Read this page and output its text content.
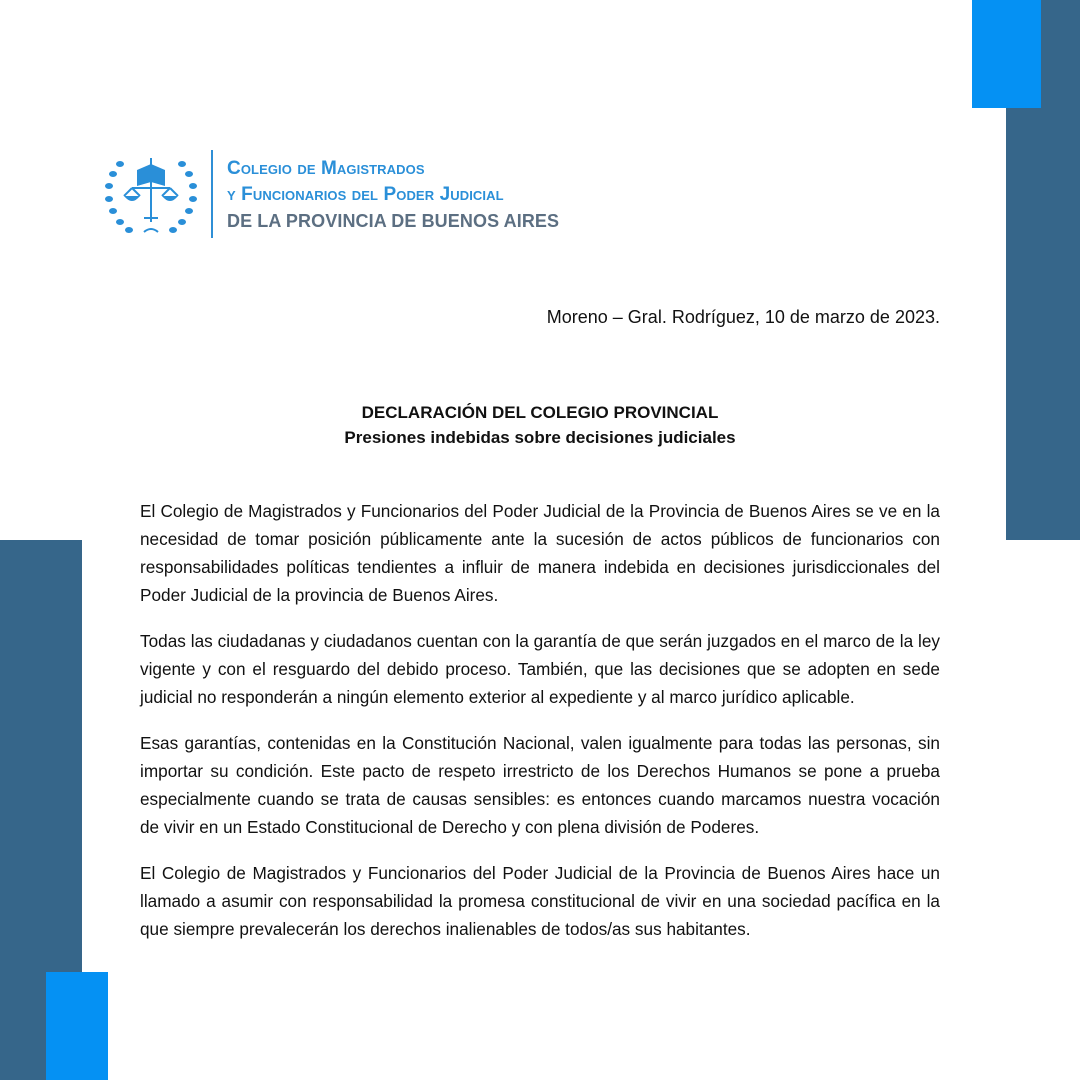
Colegio de Magistrados
y Funcionarios del Poder Judicial
DE LA PROVINCIA DE BUENOS AIRES
Moreno – Gral. Rodríguez, 10 de marzo de 2023.
DECLARACIÓN DEL COLEGIO PROVINCIAL
Presiones indebidas sobre decisiones judiciales

El Colegio de Magistrados y Funcionarios del Poder Judicial de la Provincia de Buenos Aires se ve en la necesidad de tomar posición públicamente ante la sucesión de actos públicos de funcionarios con responsabilidades políticas tendientes a influir de manera indebida en decisiones jurisdiccionales del Poder Judicial de la provincia de Buenos Aires.

Todas las ciudadanas y ciudadanos cuentan con la garantía de que serán juzgados en el marco de la ley vigente y con el resguardo del debido proceso. También, que las decisiones que se adopten en sede judicial no responderán a ningún elemento exterior al expediente y al marco jurídico aplicable.

Esas garantías, contenidas en la Constitución Nacional, valen igualmente para todas las personas, sin importar su condición. Este pacto de respeto irrestricto de los Derechos Humanos se pone a prueba especialmente cuando se trata de causas sensibles: es entonces cuando marcamos nuestra vocación de vivir en un Estado Constitucional de Derecho y con plena división de Poderes.

El Colegio de Magistrados y Funcionarios del Poder Judicial de la Provincia de Buenos Aires hace un llamado a asumir con responsabilidad la promesa constitucional de vivir en una sociedad pacífica en la que siempre prevalecerán los derechos inalienables de todos/as sus habitantes.
